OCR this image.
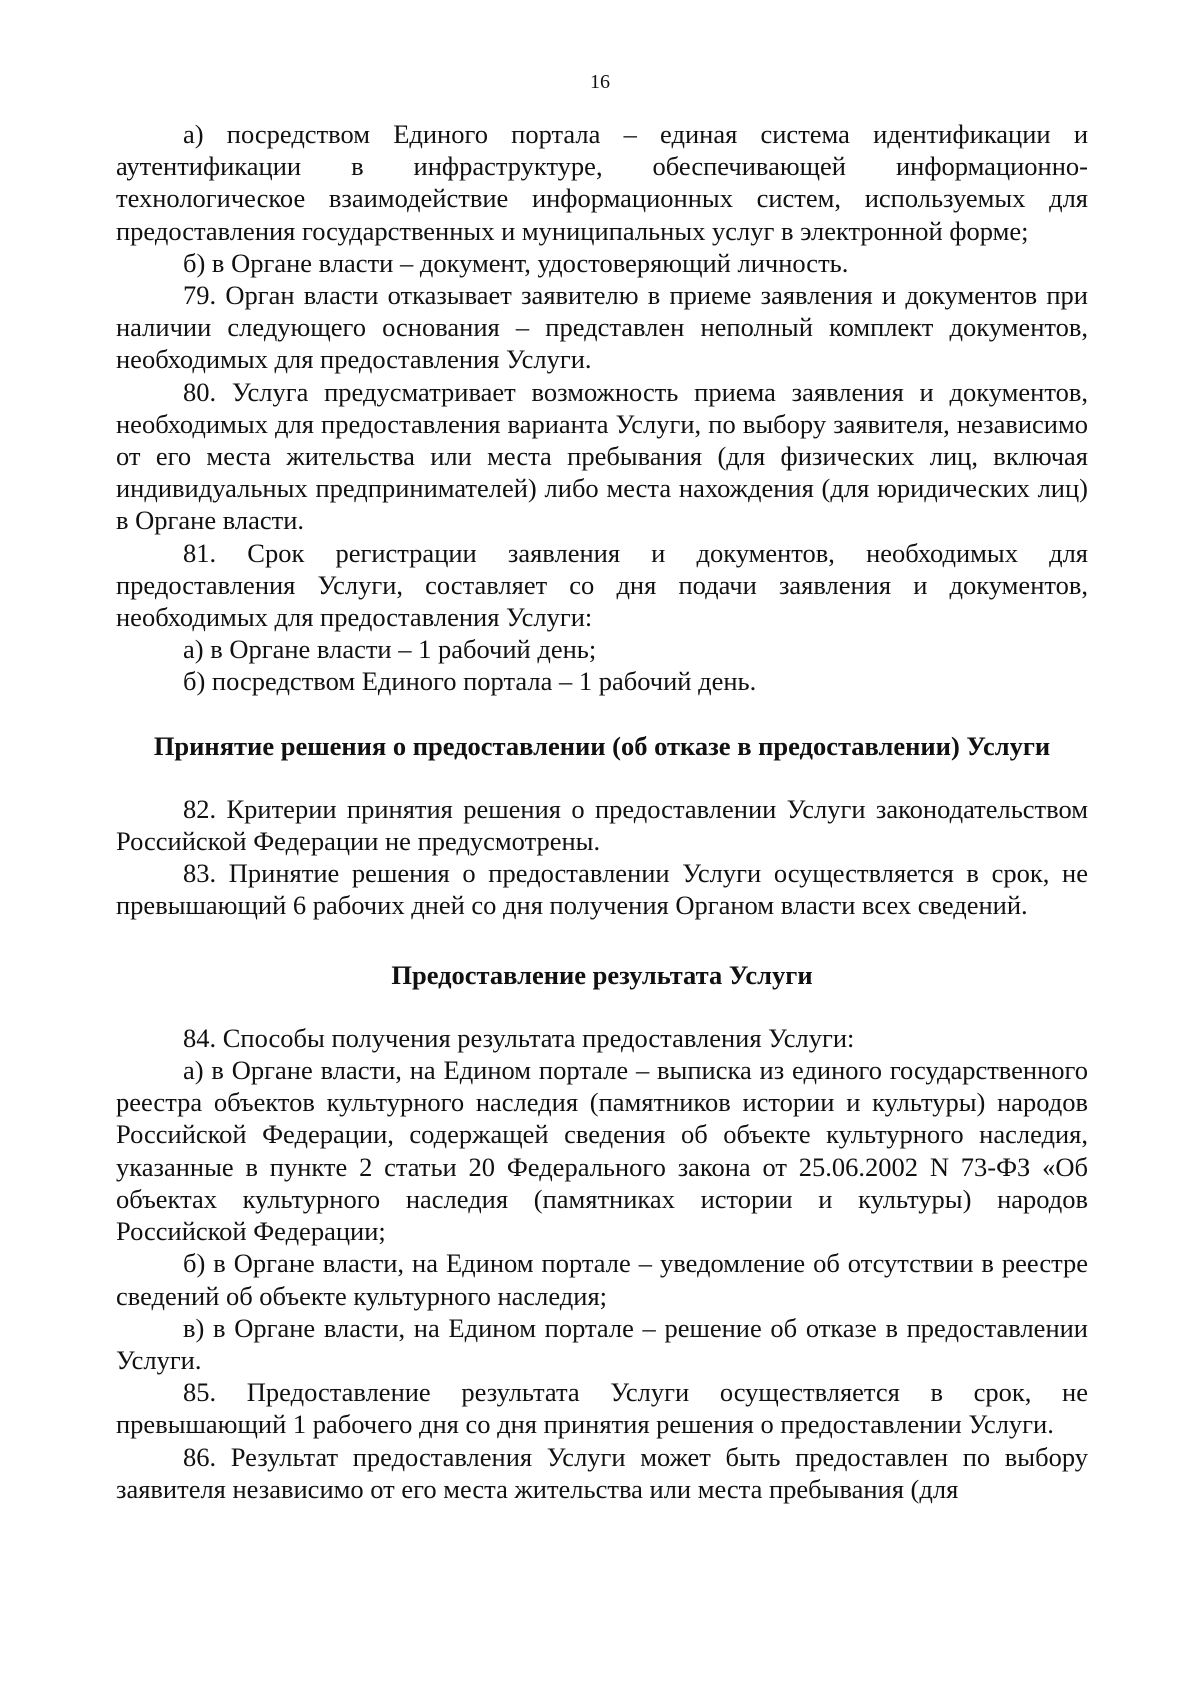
16

а) посредством Единого портала – единая система идентификации и аутентификации в инфраструктуре, обеспечивающей информационно-технологическое взаимодействие информационных систем, используемых для предоставления государственных и муниципальных услуг в электронной форме;

б) в Органе власти – документ, удостоверяющий личность.

79. Орган власти отказывает заявителю в приеме заявления и документов при наличии следующего основания – представлен неполный комплект документов, необходимых для предоставления Услуги.

80. Услуга предусматривает возможность приема заявления и документов, необходимых для предоставления варианта Услуги, по выбору заявителя, независимо от его места жительства или места пребывания (для физических лиц, включая индивидуальных предпринимателей) либо места нахождения (для юридических лиц) в Органе власти.

81. Срок регистрации заявления и документов, необходимых для предоставления Услуги, составляет со дня подачи заявления и документов, необходимых для предоставления Услуги:

а) в Органе власти – 1 рабочий день;

б) посредством Единого портала – 1 рабочий день.

Принятие решения о предоставлении (об отказе в предоставлении) Услуги

82. Критерии принятия решения о предоставлении Услуги законодательством Российской Федерации не предусмотрены.

83. Принятие решения о предоставлении Услуги осуществляется в срок, не превышающий 6 рабочих дней со дня получения Органом власти всех сведений.

Предоставление результата Услуги

84. Способы получения результата предоставления Услуги:

а) в Органе власти, на Едином портале – выписка из единого государственного реестра объектов культурного наследия (памятников истории и культуры) народов Российской Федерации, содержащей сведения об объекте культурного наследия, указанные в пункте 2 статьи 20 Федерального закона от 25.06.2002 N 73-ФЗ «Об объектах культурного наследия (памятниках истории и культуры) народов Российской Федерации;

б) в Органе власти, на Едином портале – уведомление об отсутствии в реестре сведений об объекте культурного наследия;

в) в Органе власти, на Едином портале – решение об отказе в предоставлении Услуги.

85. Предоставление результата Услуги осуществляется в срок, не превышающий 1 рабочего дня со дня принятия решения о предоставлении Услуги.

86. Результат предоставления Услуги может быть предоставлен по выбору заявителя независимо от его места жительства или места пребывания (для
